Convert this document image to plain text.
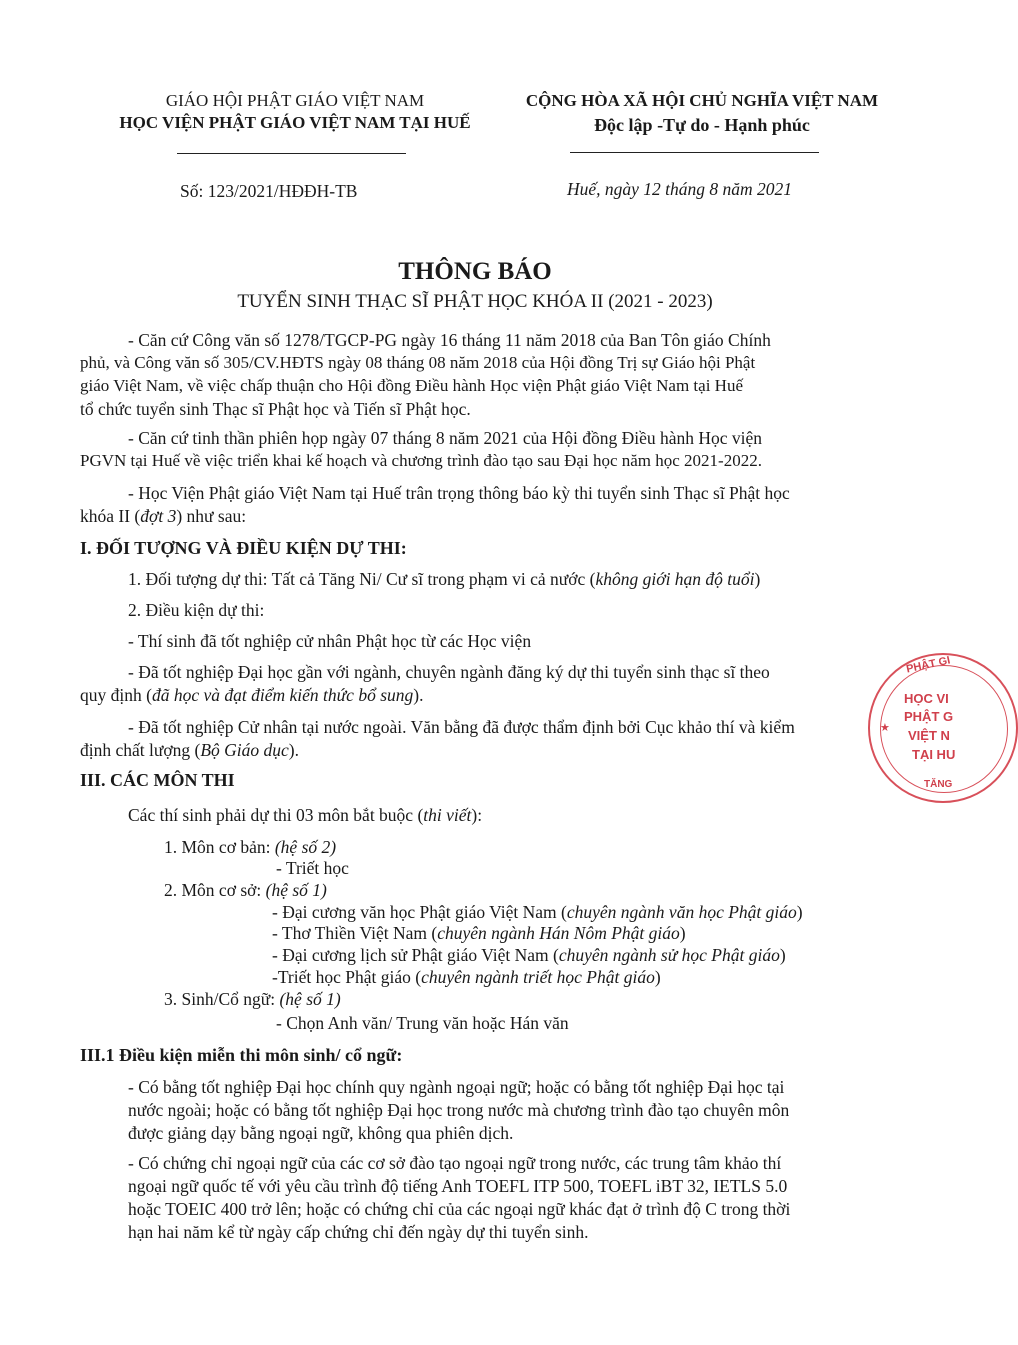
GIÁO HỘI PHẬT GIÁO VIỆT NAM
HỌC VIỆN PHẬT GIÁO VIỆT NAM TẠI HUẾ
CỘNG HÒA XÃ HỘI CHỦ NGHĨA VIỆT NAM
Độc lập -Tự do - Hạnh phúc
Số: 123/2021/HĐĐH-TB	Huế, ngày 12 tháng 8 năm 2021
THÔNG BÁO
TUYỂN SINH THẠC SĨ PHẬT HỌC KHÓA II (2021 - 2023)
- Căn cứ Công văn số 1278/TGCP-PG ngày 16 tháng 11 năm 2018 của Ban Tôn giáo Chính
phủ, và Công văn số 305/CV.HĐTS ngày 08 tháng 08 năm 2018 của Hội đồng Trị sự Giáo hội Phật
giáo Việt Nam, về việc chấp thuận cho Hội đồng Điều hành Học viện Phật giáo Việt Nam tại Huế
tổ chức tuyển sinh Thạc sĩ Phật học và Tiến sĩ Phật học.
- Căn cứ tinh thần phiên họp ngày 07 tháng 8 năm 2021 của Hội đồng Điều hành Học viện
PGVN tại Huế về việc triển khai kế hoạch và chương trình đào tạo sau Đại học năm học 2021-2022.
- Học Viện Phật giáo Việt Nam tại Huế trân trọng thông báo kỳ thi tuyển sinh Thạc sĩ Phật học
khóa II (đợt 3) như sau:
I. ĐỐI TƯỢNG VÀ ĐIỀU KIỆN DỰ THI:
1. Đối tượng dự thi: Tất cả Tăng Ni/ Cư sĩ trong phạm vi cả nước (không giới hạn độ tuổi)
2. Điều kiện dự thi:
- Thí sinh đã tốt nghiệp cử nhân Phật học từ các Học viện
- Đã tốt nghiệp Đại học gần với ngành, chuyên ngành đăng ký dự thi tuyển sinh thạc sĩ theo
quy định (đã học và đạt điểm kiến thức bổ sung).
- Đã tốt nghiệp Cử nhân tại nước ngoài. Văn bằng đã được thẩm định bởi Cục khảo thí và kiểm
định chất lượng (Bộ Giáo dục).
III. CÁC MÔN THI
Các thí sinh phải dự thi 03 môn bắt buộc (thi viết):
1. Môn cơ bản: (hệ số 2)
- Triết học
2. Môn cơ sở: (hệ số 1)
- Đại cương văn học Phật giáo Việt Nam (chuyên ngành văn học Phật giáo)
- Thơ Thiền Việt Nam (chuyên ngành Hán Nôm Phật giáo)
- Đại cương lịch sử Phật giáo Việt Nam (chuyên ngành sử học Phật giáo)
-Triết học Phật giáo (chuyên ngành triết học Phật giáo)
3. Sinh/Cổ ngữ: (hệ số 1)
- Chọn Anh văn/ Trung văn hoặc Hán văn
III.1 Điều kiện miễn thi môn sinh/ cổ ngữ:
- Có bằng tốt nghiệp Đại học chính quy ngành ngoại ngữ; hoặc có bằng tốt nghiệp Đại học tại
nước ngoài; hoặc có bằng tốt nghiệp Đại học trong nước mà chương trình đào tạo chuyên môn
được giảng dạy bằng ngoại ngữ, không qua phiên dịch.
- Có chứng chỉ ngoại ngữ của các cơ sở đào tạo ngoại ngữ trong nước, các trung tâm khảo thí
ngoại ngữ quốc tế với yêu cầu trình độ tiếng Anh TOEFL ITP 500, TOEFL iBT 32, IETLS 5.0
hoặc TOEIC 400 trở lên; hoặc có chứng chỉ của các ngoại ngữ khác đạt ở trình độ C trong thời
hạn hai năm kể từ ngày cấp chứng chỉ đến ngày dự thi tuyển sinh.
PHẬT GI
★
HỌC VI
PHẬT G
VIỆT N
TẠI HU
TĂNG
